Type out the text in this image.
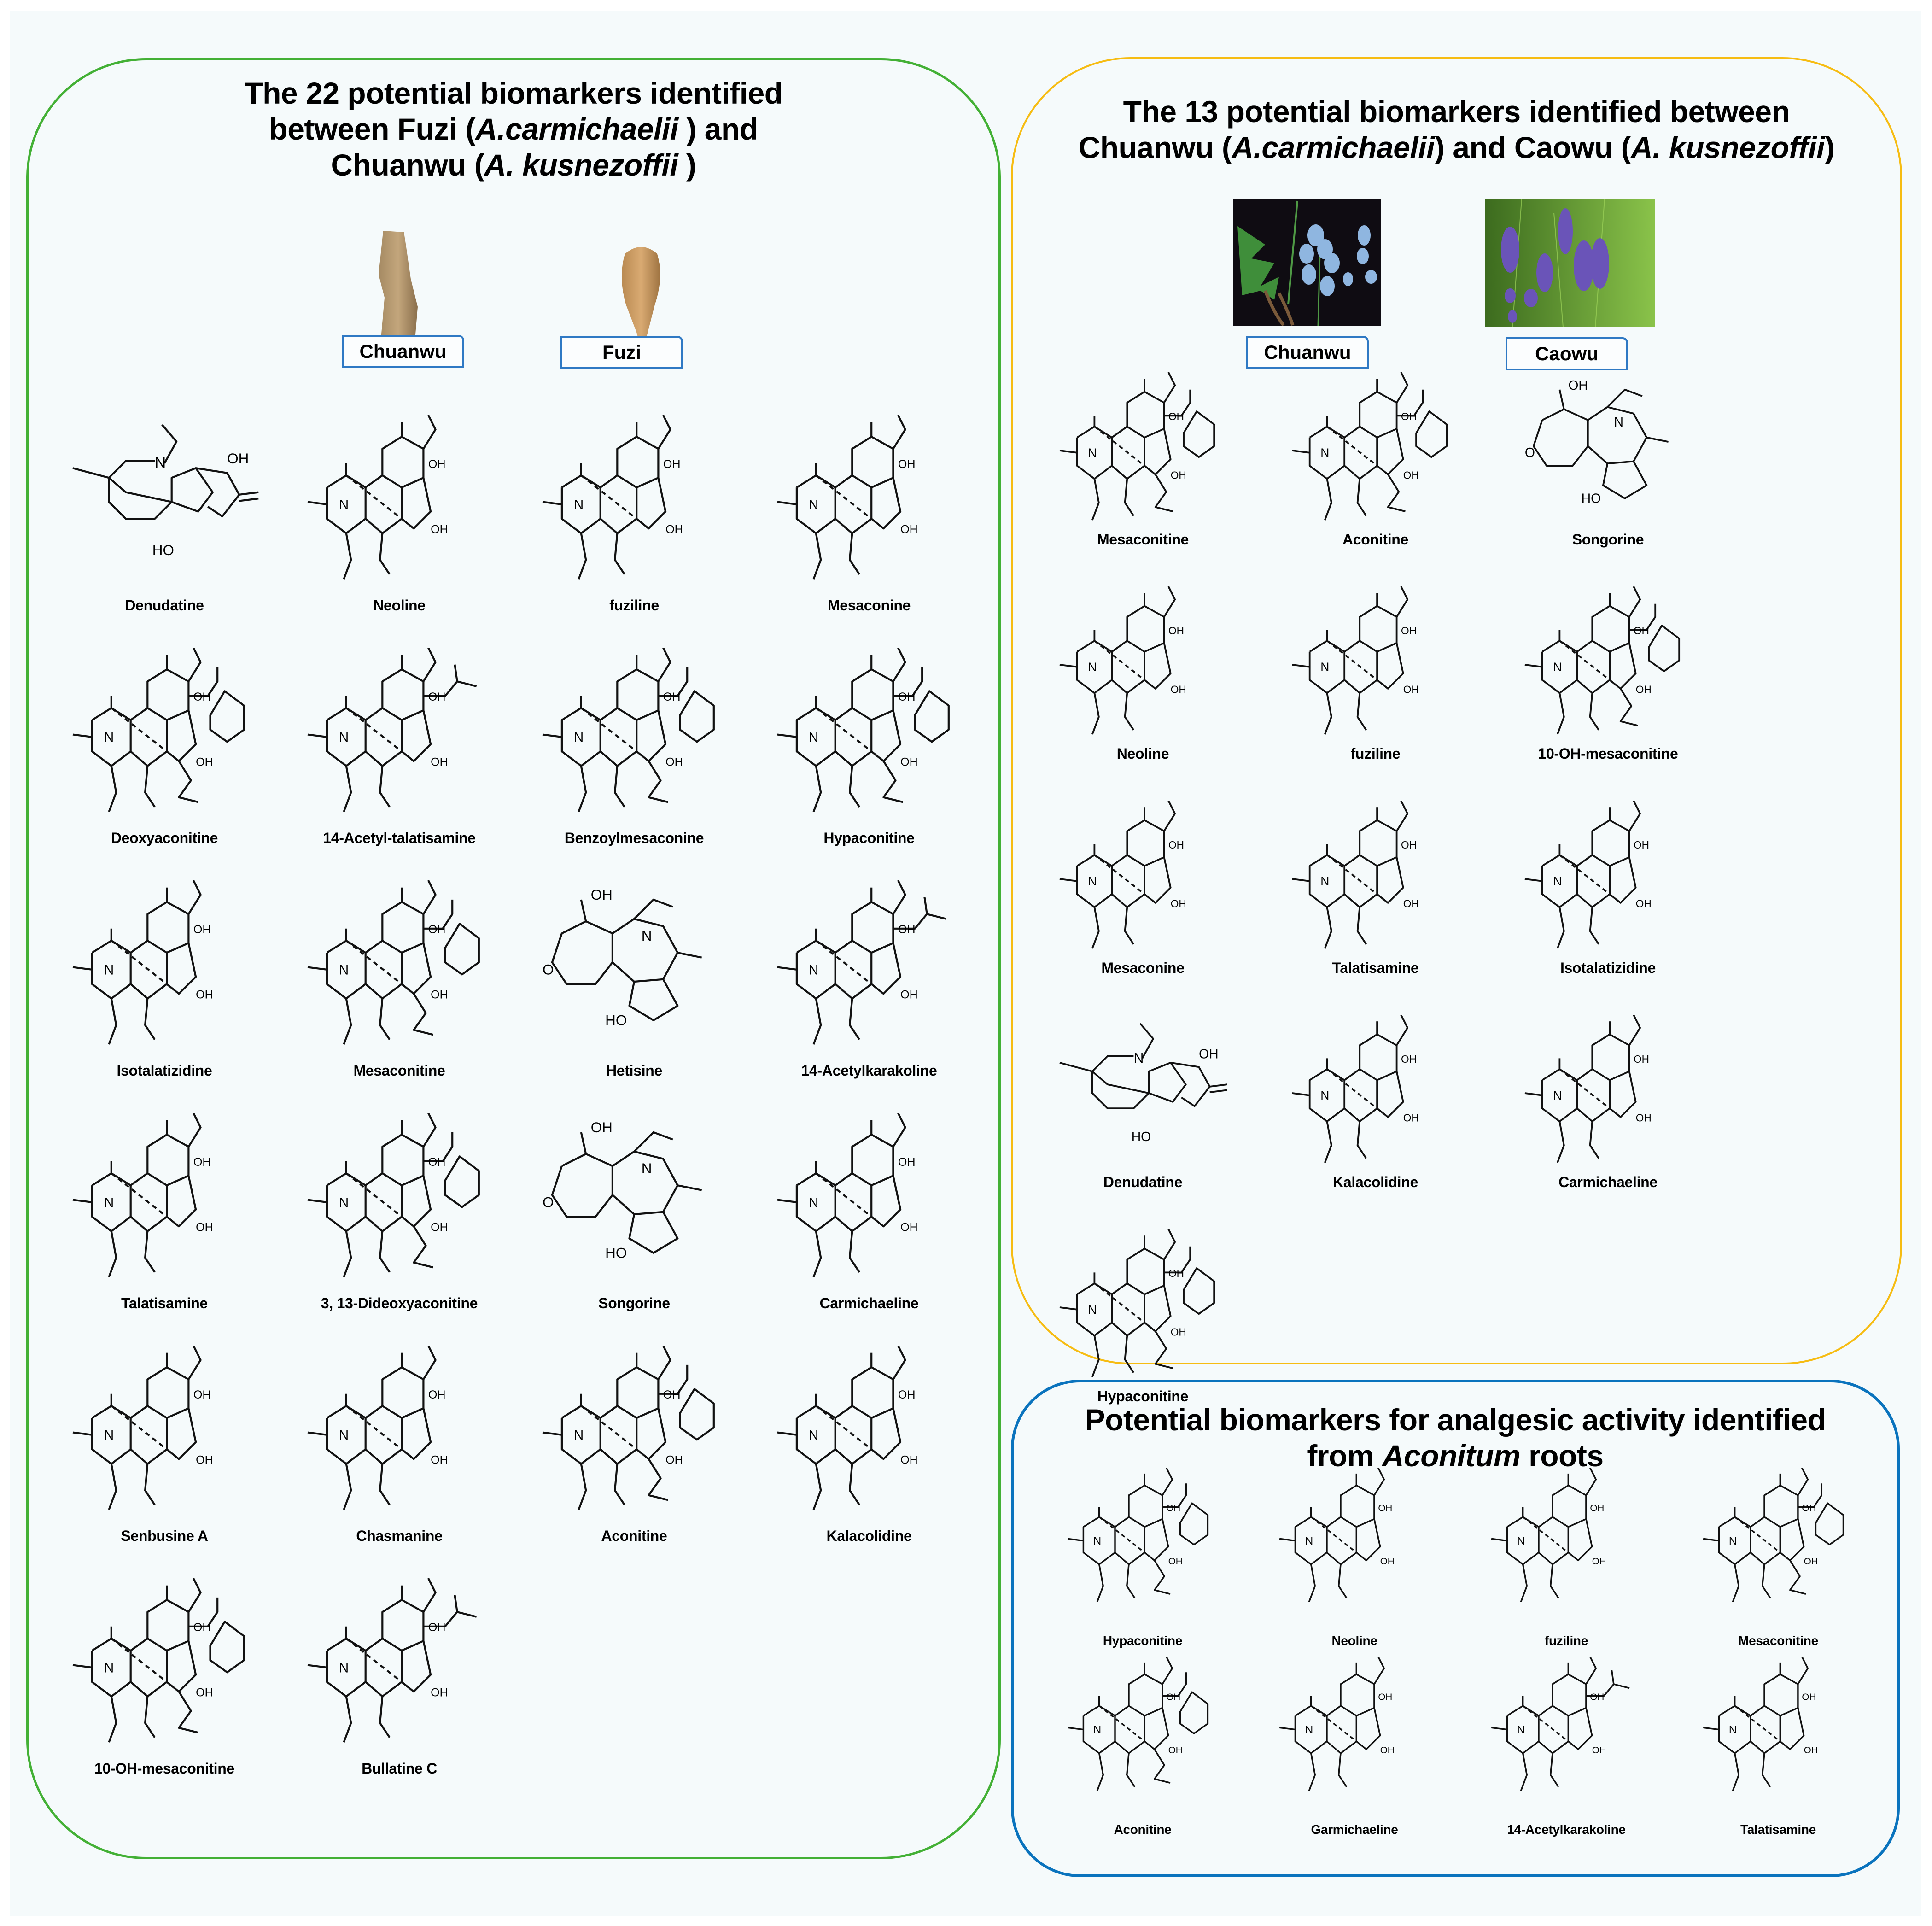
The 22 potential biomarkers identified
between Fuzi (A.carmichaelii ) and
Chuanwu (A. kusnezoffii )
Chuanwu	Fuzi
OH
HO
N
Denudatine
N
OH
OH
Neoline
N
OH
OH
fuziline
N
OH
OH
Mesaconine
N
OH
OH
Deoxyaconitine
N
OH
OH
14-Acetyl-talatisamine
N
OH
OH
Benzoylmesaconine
N
OH
OH
Hypaconitine
N
OH
OH
Isotalatizidine
N
OH
OH
Mesaconitine
O
OH
N
HO
Hetisine
N
OH
OH
14-Acetylkarakoline
N
OH
OH
Talatisamine
N
OH
OH
3, 13-Dideoxyaconitine
O
OH
N
HO
Songorine
N
OH
OH
Carmichaeline
N
OH
OH
Senbusine A
N
OH
OH
Chasmanine
N
OH
OH
Aconitine
N
OH
OH
Kalacolidine
N
OH
OH
10-OH-mesaconitine
N
OH
OH
Bullatine C
The 13 potential biomarkers identified between
Chuanwu (A.carmichaelii) and Caowu (A. kusnezoffii)
Chuanwu	Caowu
N
OH
OH
Mesaconitine
N
OH
OH
Aconitine
O
OH
N
HO
Songorine
N
OH
OH
Neoline
N
OH
OH
fuziline
N
OH
OH
10-OH-mesaconitine
N
OH
OH
Mesaconine
N
OH
OH
Talatisamine
N
OH
OH
Isotalatizidine
OH
HO
N
Denudatine
N
OH
OH
Kalacolidine
N
OH
OH
Carmichaeline
N
OH
OH
Hypaconitine
Potential biomarkers for analgesic activity identified
from Aconitum roots
N
OH
OH
Hypaconitine
N
OH
OH
Neoline
N
OH
OH
fuziline
N
OH
OH
Mesaconitine
N
OH
OH
Aconitine
N
OH
OH
Garmichaeline
N
OH
OH
14-Acetylkarakoline
N
OH
OH
Talatisamine
